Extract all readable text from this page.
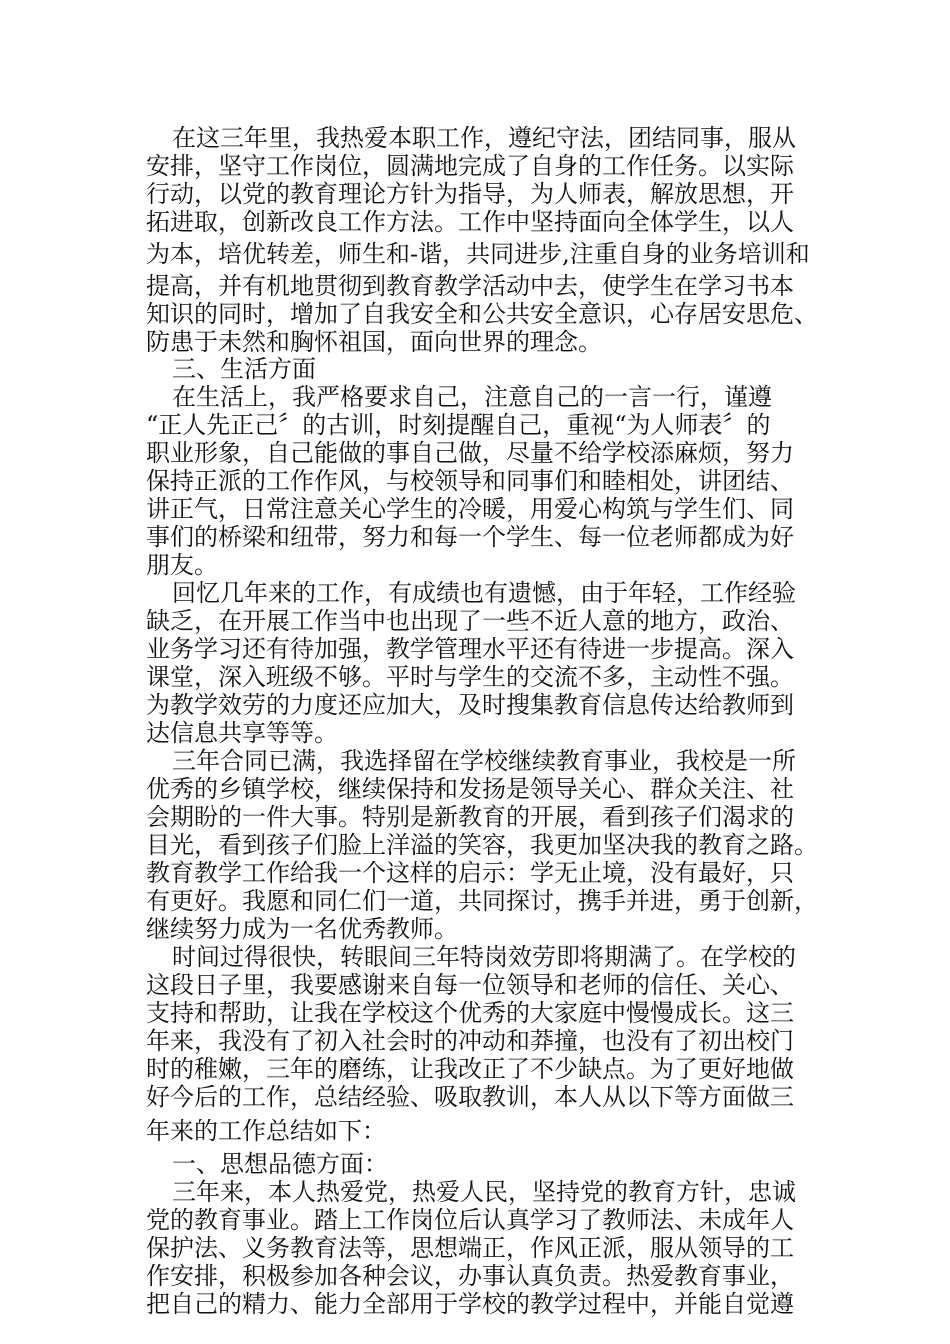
在这三年里，我热爱本职工作，遵纪守法，团结同事，服从
安排，坚守工作岗位，圆满地完成了自身的工作任务。以实际
行动，以党的教育理论方针为指导，为人师表，解放思想，开
拓进取，创新改良工作方法。工作中坚持面向全体学生，以人
为本，培优转差，师生和-谐，共同进步,注重自身的业务培训和
提高，并有机地贯彻到教育教学活动中去，使学生在学习书本
知识的同时，增加了自我安全和公共安全意识，心存居安思危、
防患于未然和胸怀祖国，面向世界的理念。
三、生活方面
在生活上，我严格要求自己，注意自己的一言一行，谨遵
“正人先正己〞的古训，时刻提醒自己，重视“为人师表〞的
职业形象，自己能做的事自己做，尽量不给学校添麻烦，努力
保持正派的工作作风，与校领导和同事们和睦相处，讲团结、
讲正气，日常注意关心学生的冷暖，用爱心构筑与学生们、同
事们的桥梁和纽带，努力和每一个学生、每一位老师都成为好
朋友。
回忆几年来的工作，有成绩也有遗憾，由于年轻，工作经验
缺乏，在开展工作当中也出现了一些不近人意的地方，政治、
业务学习还有待加强，教学管理水平还有待进一步提高。深入
课堂，深入班级不够。平时与学生的交流不多，主动性不强。
为教学效劳的力度还应加大，及时搜集教育信息传达给教师到
达信息共享等等。
三年合同已满，我选择留在学校继续教育事业，我校是一所
优秀的乡镇学校，继续保持和发扬是领导关心、群众关注、社
会期盼的一件大事。特别是新教育的开展，看到孩子们渴求的
目光，看到孩子们脸上洋溢的笑容，我更加坚决我的教育之路。
教育教学工作给我一个这样的启示：学无止境，没有最好，只
有更好。我愿和同仁们一道，共同探讨，携手并进，勇于创新，
继续努力成为一名优秀教师。
时间过得很快，转眼间三年特岗效劳即将期满了。在学校的
这段日子里，我要感谢来自每一位领导和老师的信任、关心、
支持和帮助，让我在学校这个优秀的大家庭中慢慢成长。这三
年来，我没有了初入社会时的冲动和莽撞，也没有了初出校门
时的稚嫩，三年的磨练，让我改正了不少缺点。为了更好地做
好今后的工作，总结经验、吸取教训，本人从以下等方面做三
年来的工作总结如下：
一、思想品德方面：
三年来，本人热爱党，热爱人民，坚持党的教育方针，忠诚
党的教育事业。踏上工作岗位后认真学习了教师法、未成年人
保护法、义务教育法等，思想端正，作风正派，服从领导的工
作安排，积极参加各种会议，办事认真负责。热爱教育事业，
把自己的精力、能力全部用于学校的教学过程中，并能自觉遵
